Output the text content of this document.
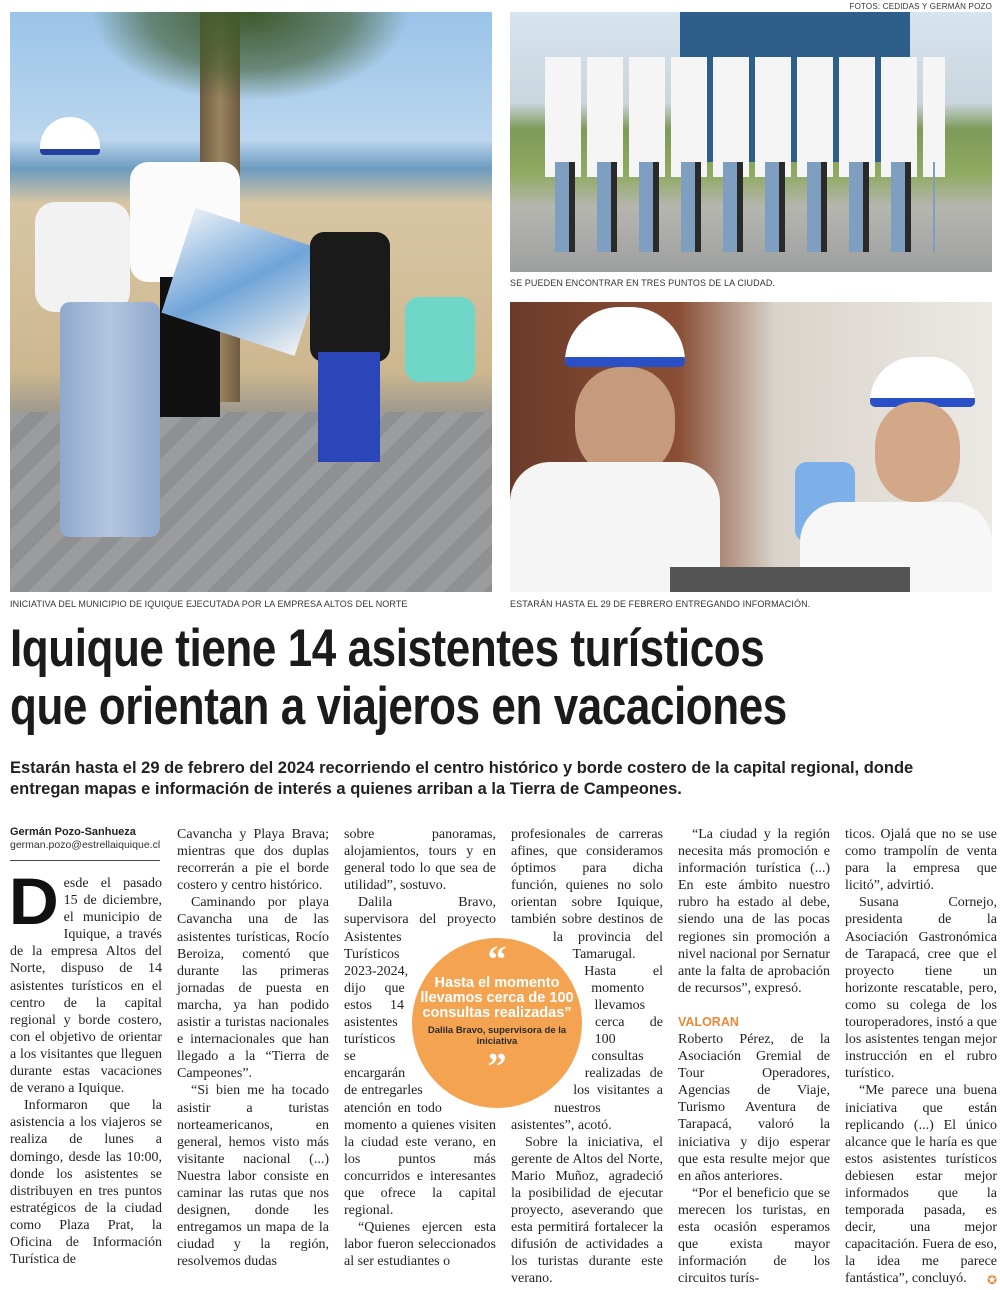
FOTOS: CEDIDAS Y GERMÁN POZO
SE PUEDEN ENCONTRAR EN TRES PUNTOS DE LA CIUDAD.
INICIATIVA DEL MUNICIPIO DE IQUIQUE EJECUTADA POR LA EMPRESA ALTOS DEL NORTE	ESTARÁN HASTA EL 29 DE FEBRERO ENTREGANDO INFORMACIÓN.
Iquique tiene 14 asistentes turísticos
que orientan a viajeros en vacaciones

Estarán hasta el 29 de febrero del 2024 recorriendo el centro histórico y borde costero de la capital regional, donde entregan mapas e información de interés a quienes arriban a la Tierra de Campeones.

“
Hasta el momento llevamos cerca de 100 consultas realizadas”
Dalila Bravo, supervisora de la iniciativa
”
Germán Pozo-Sanhueza
german.pozo@estrellaiquique.cl

Desde el pasado 15 de diciembre, el municipio de Iquique, a través de la empresa Altos del Norte, dispuso de 14 asistentes turísticos en el centro de la capital regional y borde costero, con el objetivo de orientar a los visitantes que lleguen durante estas vacaciones de verano a Iquique.

Informaron que la asistencia a los viajeros se realiza de lunes a domingo, desde las 10:00, donde los asistentes se distribuyen en tres puntos estratégicos de la ciudad como Plaza Prat, la Oficina de Información Turística de

Cavancha y Playa Brava; mientras que dos duplas recorrerán a pie el borde costero y centro histórico.

Caminando por playa Cavancha una de las asistentes turísticas, Rocío Beroiza, comentó que durante las primeras jornadas de puesta en marcha, ya han podido asistir a turistas nacionales e internacionales que han llegado a la “Tierra de Campeones”.

“Si bien me ha tocado asistir a turistas norteamericanos, en general, hemos visto más visitante nacional (...) Nuestra labor consiste en caminar las rutas que nos designen, donde les entregamos un mapa de la ciudad y la región, resolvemos dudas

sobre panoramas, alojamientos, tours y en general todo lo que sea de utilidad”, sostuvo.

Dalila Bravo, supervisora del proyecto Asistentes Turísticos 2023-2024, dijo que estos 14 asistentes turísticos se encargarán de entregarles atención en todo momento a quienes visiten la ciudad este verano, en los puntos más concurridos e interesantes que ofrece la capital regional.

“Quienes ejercen esta labor fueron seleccionados al ser estudiantes o

profesionales de carreras afines, que consideramos óptimos para dicha función, quienes no solo orientan sobre Iquique, también sobre destinos de la provincia del Tamarugal. Hasta el momento llevamos cerca de 100 consultas realizadas de los visitantes a nuestros asistentes”, acotó.

Sobre la iniciativa, el gerente de Altos del Norte, Mario Muñoz, agradeció la posibilidad de ejecutar proyecto, aseverando que esta permitirá fortalecer la difusión de actividades a los turistas durante este verano.

“La ciudad y la región necesita más promoción e información turística (...) En este ámbito nuestro rubro ha estado al debe, siendo una de las pocas regiones sin promoción a nivel nacional por Sernatur ante la falta de aprobación de recursos”, expresó.

VALORAN

Roberto Pérez, de la Asociación Gremial de Tour Operadores, Agencias de Viaje, Turismo Aventura de Tarapacá, valoró la iniciativa y dijo esperar que esta resulte mejor que en años anteriores.

“Por el beneficio que se merecen los turistas, en esta ocasión esperamos que exista mayor información de los circuitos turís-

ticos. Ojalá que no se use como trampolín de venta para la empresa que licitó”, advirtió.

Susana Cornejo, presidenta de la Asociación Gastronómica de Tarapacá, cree que el proyecto tiene un horizonte rescatable, pero, como su colega de los touroperadores, instó a que los asistentes tengan mejor instrucción en el rubro turístico.

“Me parece una buena iniciativa que están replicando (...) El único alcance que le haría es que estos asistentes turísticos debiesen estar mejor informados que la temporada pasada, es decir, una mejor capacitación. Fuera de eso, la idea me parece fantástica”, concluyó.	✪
